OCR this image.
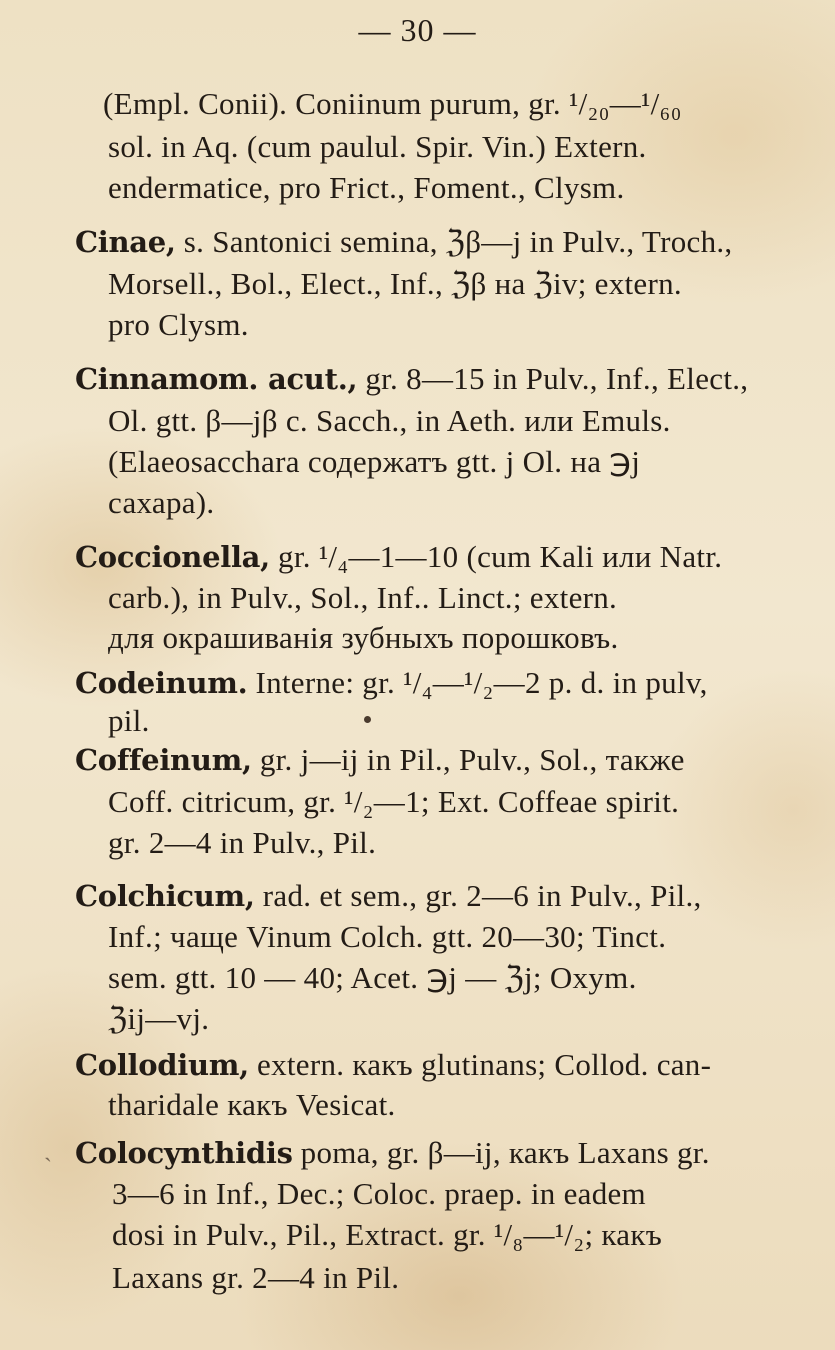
— 30 —
(Empl. Conii). Coniinum purum, gr. ¹/₂₀—¹/₆₀
sol. in Aq. (cum paulul. Spir. Vin.) Extern.
endermatice, pro Frict., Foment., Clysm.
Cinae, s. Santonici semina, ℨβ—j in Pulv., Troch.,
Morsell., Bol., Elect., Inf., ℨβ на ℨiv; extern.
pro Clysm.
Cinnamom. acut., gr. 8—15 in Pulv., Inf., Elect.,
Ol. gtt. β—jβ c. Sacch., in Aeth. или Emuls.
(Elaeosacchara содержатъ gtt. j Ol. на ℈j
сахара).
Coccionella, gr. ¹/₄—1—10 (cum Kali или Natr.
carb.), in Pulv., Sol., Inf.. Linct.; extern.
для окрашиванія зубныхъ порошковъ.
Codeinum. Interne: gr. ¹/₄—¹/₂—2 p. d. in pulv,
pil.
Coffeinum, gr. j—ij in Pil., Pulv., Sol., также
Coff. citricum, gr. ¹/₂—1; Ext. Coffeae spirit.
gr. 2—4 in Pulv., Pil.
Colchicum, rad. et sem., gr. 2—6 in Pulv., Pil.,
Inf.; чаще Vinum Colch. gtt. 20—30; Tinct.
sem. gtt. 10 — 40; Acet. ℈j — ℨj; Oxym.
ℨij—vj.
Collodium, extern. какъ glutinans; Collod. can-
tharidale какъ Vesicat.
ˎ Colocynthidis poma, gr. β—ij, какъ Laxans gr.
3—6 in Inf., Dec.; Coloc. praep. in eadem
dosi in Pulv., Pil., Extract. gr. ¹/₈—¹/₂; какъ
Laxans gr. 2—4 in Pil.
